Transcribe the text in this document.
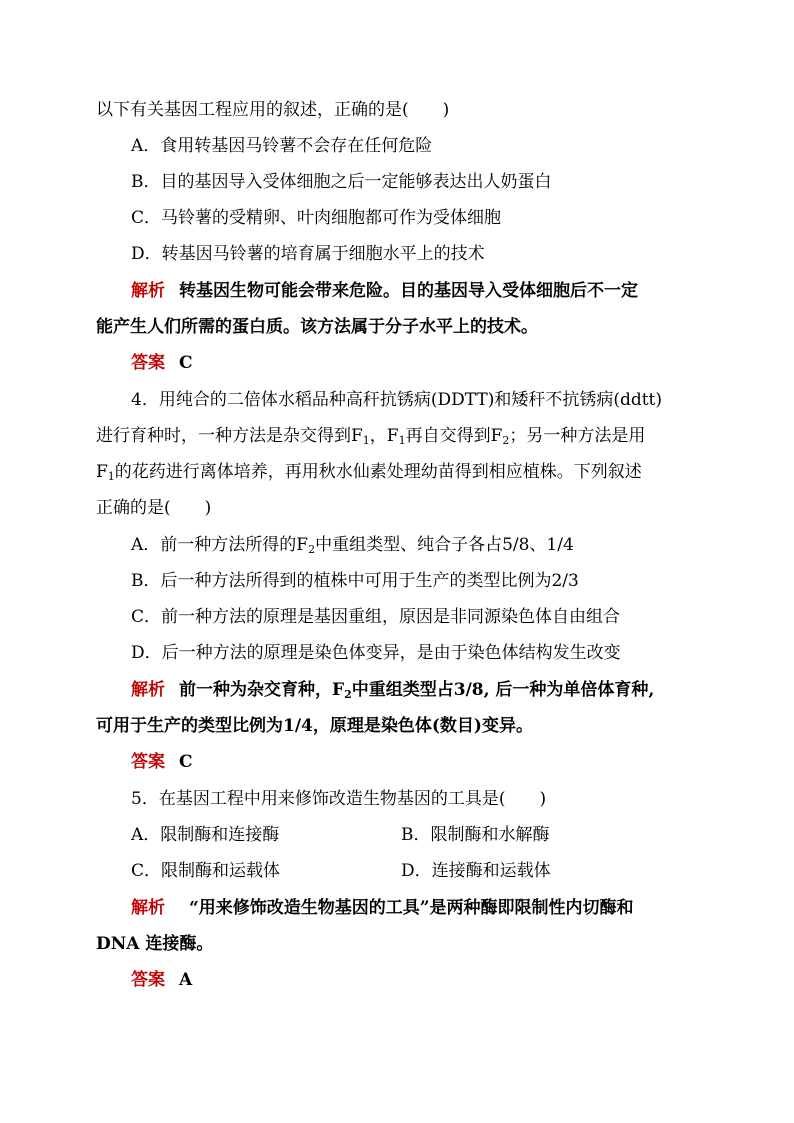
以下有关基因工程应用的叙述，正确的是(　　)
A．食用转基因马铃薯不会存在任何危险
B．目的基因导入受体细胞之后一定能够表达出人奶蛋白
C．马铃薯的受精卵、叶肉细胞都可作为受体细胞
D．转基因马铃薯的培育属于细胞水平上的技术
解析 转基因生物可能会带来危险。目的基因导入受体细胞后不一定
能产生人们所需的蛋白质。该方法属于分子水平上的技术。
答案 C
4．用纯合的二倍体水稻品种高秆抗锈病(DDTT)和矮秆不抗锈病(ddtt)
进行育种时，一种方法是杂交得到$F_1$，$F_1$再自交得到$F_2$；另一种方法是用
$F_1$的花药进行离体培养，再用秋水仙素处理幼苗得到相应植株。下列叙述
正确的是(　　)
A．前一种方法所得的$F_2$中重组类型、纯合子各占5/8、1/4
B．后一种方法所得到的植株中可用于生产的类型比例为2/3
C．前一种方法的原理是基因重组，原因是非同源染色体自由组合
D．后一种方法的原理是染色体变异，是由于染色体结构发生改变
解析 前一种为杂交育种，$F_2$中重组类型占3/8, 后一种为单倍体育种,
可用于生产的类型比例为1/4，原理是染色体(数目)变异。
答案 C
5．在基因工程中用来修饰改造生物基因的工具是(　　)
A．限制酶和连接酶	B．限制酶和水解酶
C．限制酶和运载体	D．连接酶和运载体
解析 “用来修饰改造生物基因的工具”是两种酶即限制性内切酶和
DNA 连接酶。
答案 A
